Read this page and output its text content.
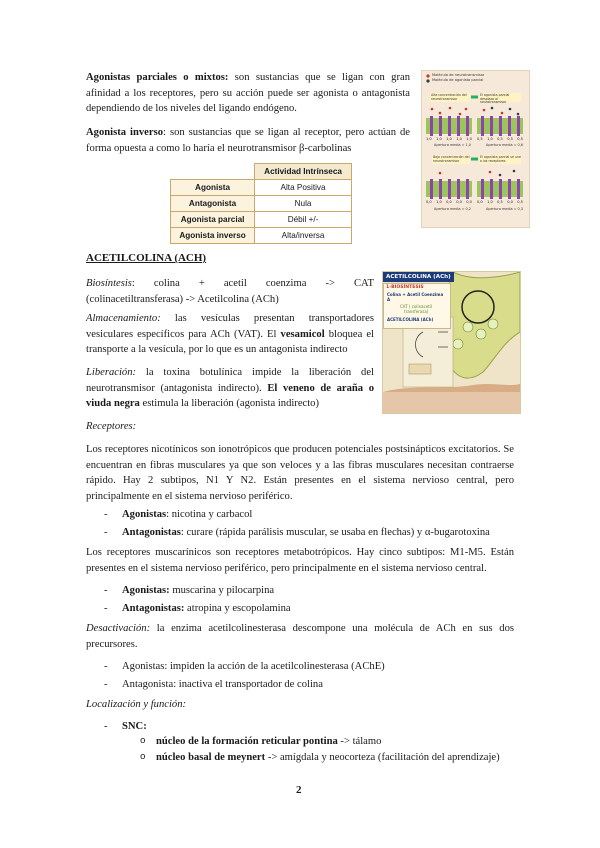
Agonistas parciales o mixtos: son sustancias que se ligan con gran afinidad a los receptores, pero su acción puede ser agonista o antagonista dependiendo de los niveles del ligando endógeno.

Agonista inverso: son sustancias que se ligan al receptor, pero actúan de forma opuesta a como lo haría el neurotransmisor β-carbolinas

	Actividad Intrínseca
Agonista	Alta Positiva
Antagonista	Nula
Agonista parcial	Débil +/-
Agonista inverso	Alta/inversa
Molécula de neurotransmisor
Molécula de agonista parcial
Alta concentración del neurotransmisor
El agonista parcial desplaza al neurotransmisor
1,0 1,0 1,0 1,0 1,0 0,5 1,0 0,5 0,5 0,5
Apertura media = 1,0	Apertura media = 0,6
Baja concentración del neurotransmisor
El agonista parcial se une a los receptores
0,0 1,0 0,0 0,0 0,0 0,0 1,0 0,5 0,0 0,5
Apertura media = 0,2	Apertura media = 0,3
ACETILCOLINA (ACH)
ACETILCOLINA (ACh)
1-BIOSÍNTESIS
Colina + Acetil Coenzima A
CAT ( colinacetil
transferasa)
ACETILCOLINA (ACh)

Biosíntesis: colina + acetil coenzima -> CAT (colinacetiltransferasa) -> Acetilcolina (ACh)

Almacenamiento: las vesículas presentan transportadores vesiculares específicos para ACh (VAT). El vesamicol bloquea el transporte a la vesícula, por lo que es un antagonista indirecto

Liberación: la toxina botulínica impide la liberación del neurotransmisor (antagonista indirecto). El veneno de araña o viuda negra estimula la liberación (agonista indirecto)

Receptores:

Los receptores nicotínicos son ionotrópicos que producen potenciales postsinápticos excitatorios. Se encuentran en fibras musculares ya que son veloces y a las fibras musculares necesitan contraerse rápido. Hay 2 subtipos, N1 Y N2. Están presentes en el sistema nervioso central, pero principalmente en el sistema nervioso periférico.

- Agonistas: nicotina y carbacol
- Antagonistas: curare (rápida parálisis muscular, se usaba en flechas) y α-bugarotoxina

Los receptores muscarínicos son receptores metabotrópicos. Hay cinco subtipos: M1-M5. Están presentes en el sistema nervioso periférico, pero principalmente en el sistema nervioso central.

- Agonistas: muscarina y pilocarpina
- Antagonistas: atropina y escopolamina

Desactivación: la enzima acetilcolinesterasa descompone una molécula de ACh en sus dos precursores.

- Agonistas: impiden la acción de la acetilcolinesterasa (AChE)
- Antagonista: inactiva el transportador de colina
Localización y función:
- SNC:
o núcleo de la formación reticular pontina -> tálamo
o núcleo basal de meynert -> amígdala y neocorteza (facilitación del aprendizaje)
2
